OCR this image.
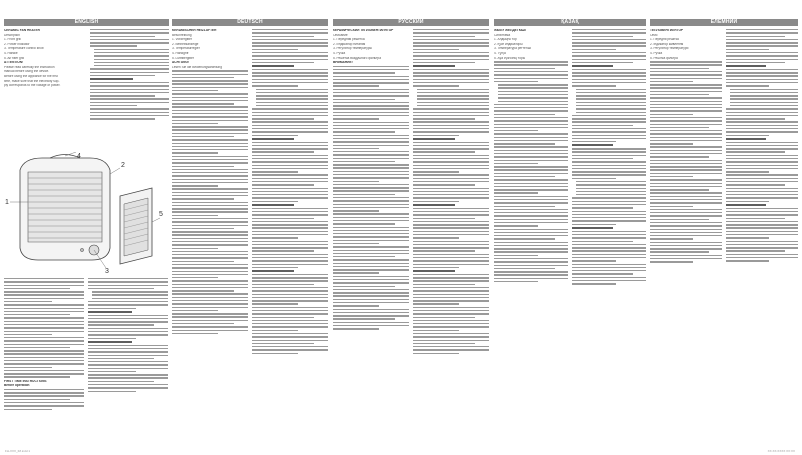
ENGLISH
CERAMIC FAN HEATER
Description
1. Front grill
2. Power indicator
3. Temperature control knob
4. Handle
5. Air filter grill
ATTENTION!
Please read carefully the instruction
manual before using the device.
Before using the appliance for the first
time, make sure that the electricity sup-
ply corresponds to the voltage of power.
FIRST TIME INSTRUCTIONS
Before operation
1
2
3
4
5
DEUTSCH
KERAMISCHER HEIZLÜFTER
Beschreibung
1. Vordergitter
2. Betriebsanzeige
3. Temperaturregler
4. Handgriff
5. Luftfiltergitter
ACHTUNG!
Lesen Sie die Bedienungsanleitung
РУССКИЙ
КЕРАМИЧЕСКИЙ ТЕПЛОВЕНТИЛЯТОР
Описание
1. Передняя решётка
2. Индикатор питания
3. Регулятор температуры
4. Ручка
5. Решётка воздушного фильтра
ВНИМАНИЕ!
ҚАЗАҚ
ЖЫЛУ ЖЕЛДЕТКІШІ
Сипаттама
1. Алдыңғы тор
2. Қуат индикаторы
3. Температура реттегіші
4. Тұтқа
5. Ауа сүзгісінің торы
ЕЛЕМНИЙ
ТЕПЛОВЕНТИЛЯТОР
Опис
1. Передня решітка
2. Індикатор живлення
3. Регулятор температури
4. Ручка
5. Решітка фільтра
FH-XXX_IM.indd 1	XX.XX.XXXX XX:XX
